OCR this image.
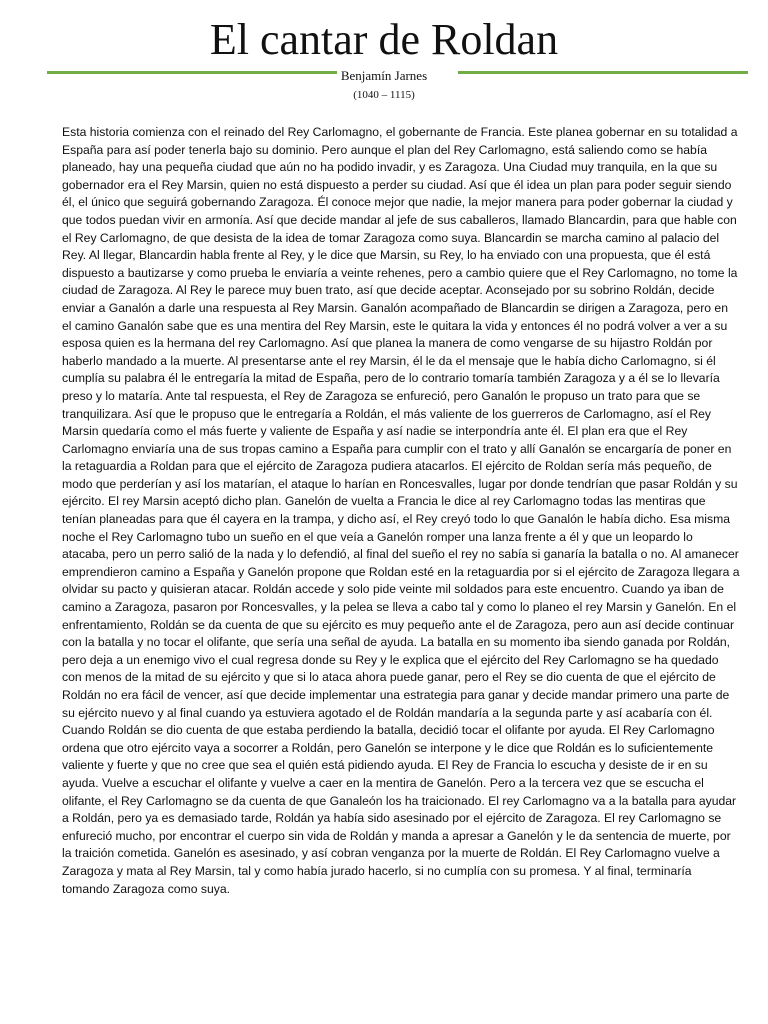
El cantar de Roldan
Benjamín Jarnes
(1040 – 1115)

Esta historia comienza con el reinado del Rey Carlomagno, el gobernante de Francia. Este planea gobernar en su totalidad a España para así poder tenerla bajo su dominio. Pero aunque el plan del Rey Carlomagno, está saliendo como se había planeado, hay una pequeña ciudad que aún no ha podido invadir, y es Zaragoza. Una Ciudad muy tranquila, en la que su gobernador era el Rey Marsin, quien no está dispuesto a perder su ciudad. Así que él idea un plan para poder seguir siendo él, el único que seguirá gobernando Zaragoza. Él conoce mejor que nadie, la mejor manera para poder gobernar la ciudad y que todos puedan vivir en armonía. Así que decide mandar al jefe de sus caballeros, llamado Blancardin, para que hable con el Rey Carlomagno, de que desista de la idea de tomar Zaragoza como suya. Blancardin se marcha camino al palacio del Rey. Al llegar, Blancardin habla frente al Rey, y le dice que Marsin, su Rey, lo ha enviado con una propuesta, que él está dispuesto a bautizarse y como prueba le enviaría a veinte rehenes, pero a cambio quiere que el Rey Carlomagno, no tome la ciudad de Zaragoza. Al Rey le parece muy buen trato, así que decide aceptar. Aconsejado por su sobrino Roldán, decide enviar a Ganalón a darle una respuesta al Rey Marsin. Ganalón acompañado de Blancardin se dirigen a Zaragoza, pero en el camino Ganalón sabe que es una mentira del Rey Marsin, este le quitara la vida y entonces él no podrá volver a ver a su esposa quien es la hermana del rey Carlomagno. Así que planea la manera de como vengarse de su hijastro Roldán por haberlo mandado a la muerte. Al presentarse ante el rey Marsin, él le da el mensaje que le había dicho Carlomagno, si él cumplía su palabra él le entregaría la mitad de España, pero de lo contrario tomaría también Zaragoza y a él se lo llevaría preso y lo mataría. Ante tal respuesta, el Rey de Zaragoza se enfureció, pero Ganalón le propuso un trato para que se tranquilizara. Así que le propuso que le entregaría a Roldán, el más valiente de los guerreros de Carlomagno, así el Rey Marsin quedaría como el más fuerte y valiente de España y así nadie se interpondría ante él. El plan era que el Rey Carlomagno enviaría una de sus tropas camino a España para cumplir con el trato y allí Ganalón se encargaría de poner en la retaguardia a Roldan para que el ejército de Zaragoza pudiera atacarlos. El ejército de Roldan sería más pequeño, de modo que perderían y así los matarían, el ataque lo harían en Roncesvalles, lugar por donde tendrían que pasar Roldán y su ejército. El rey Marsin aceptó dicho plan. Ganelón de vuelta a Francia le dice al rey Carlomagno todas las mentiras que tenían planeadas para que él cayera en la trampa, y dicho así, el Rey creyó todo lo que Ganalón le había dicho. Esa misma noche el Rey Carlomagno tubo un sueño en el que veía a Ganelón romper una lanza frente a él y que un leopardo lo atacaba, pero un perro salió de la nada y lo defendió, al final del sueño el rey no sabía si ganaría la batalla o no. Al amanecer emprendieron camino a España y Ganelón propone que Roldan esté en la retaguardia por si el ejército de Zaragoza llegara a olvidar su pacto y quisieran atacar. Roldán accede y solo pide veinte mil soldados para este encuentro. Cuando ya iban de camino a Zaragoza, pasaron por Roncesvalles, y la pelea se lleva a cabo tal y como lo planeo el rey Marsin y Ganelón. En el enfrentamiento, Roldán se da cuenta de que su ejército es muy pequeño ante el de Zaragoza, pero aun así decide continuar con la batalla y no tocar el olifante, que sería una señal de ayuda. La batalla en su momento iba siendo ganada por Roldán, pero deja a un enemigo vivo el cual regresa donde su Rey y le explica que el ejército del Rey Carlomagno se ha quedado con menos de la mitad de su ejército y que si lo ataca ahora puede ganar, pero el Rey se dio cuenta de que el ejército de Roldán no era fácil de vencer, así que decide implementar una estrategia para ganar y decide mandar primero una parte de su ejército nuevo y al final cuando ya estuviera agotado el de Roldán mandaría a la segunda parte y así acabaría con él. Cuando Roldán se dio cuenta de que estaba perdiendo la batalla, decidió tocar el olifante por ayuda. El Rey Carlomagno ordena que otro ejército vaya a socorrer a Roldán, pero Ganelón se interpone y le dice que Roldán es lo suficientemente valiente y fuerte y que no cree que sea el quién está pidiendo ayuda. El Rey de Francia lo escucha y desiste de ir en su ayuda. Vuelve a escuchar el olifante y vuelve a caer en la mentira de Ganelón. Pero a la tercera vez que se escucha el olifante, el Rey Carlomagno se da cuenta de que Ganaleón los ha traicionado. El rey Carlomagno va a la batalla para ayudar a Roldán, pero ya es demasiado tarde, Roldán ya había sido asesinado por el ejército de Zaragoza. El rey Carlomagno se enfureció mucho, por encontrar el cuerpo sin vida de Roldán y manda a apresar a Ganelón y le da sentencia de muerte, por la traición cometida. Ganelón es asesinado, y así cobran venganza por la muerte de Roldán. El Rey Carlomagno vuelve a Zaragoza y mata al Rey Marsin, tal y como había jurado hacerlo, si no cumplía con su promesa. Y al final, terminaría tomando Zaragoza como suya.
